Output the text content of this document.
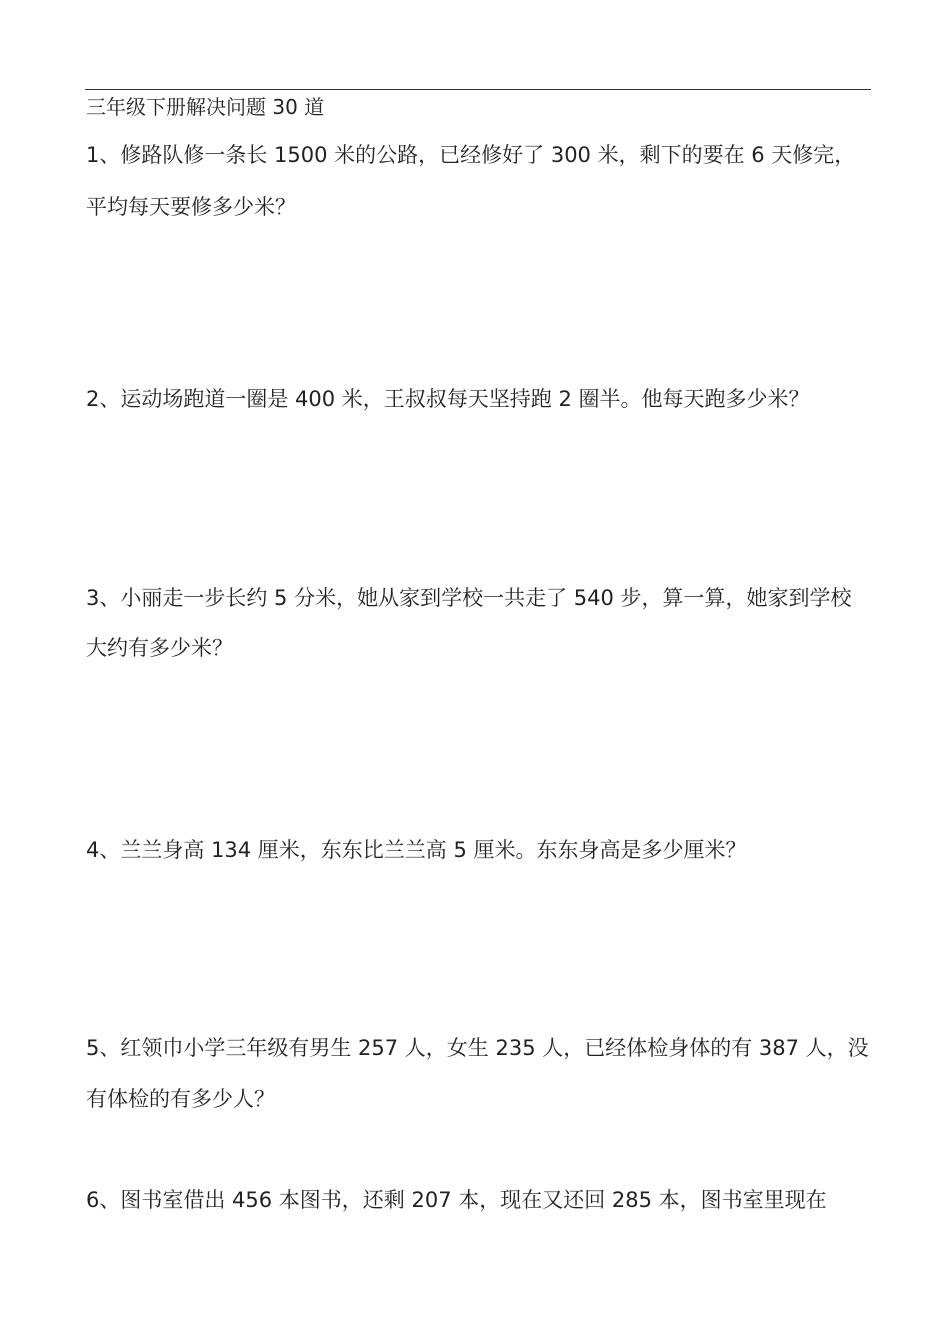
三年级下册解决问题 30 道
1、修路队修一条长 1500 米的公路，已经修好了 300 米，剩下的要在 6 天修完，
平均每天要修多少米？
2、运动场跑道一圈是 400 米，王叔叔每天坚持跑 2 圈半。他每天跑多少米？
3、小丽走一步长约 5 分米，她从家到学校一共走了 540 步，算一算，她家到学校
大约有多少米？
4、兰兰身高 134 厘米，东东比兰兰高 5 厘米。东东身高是多少厘米？
5、红领巾小学三年级有男生 257 人，女生 235 人，已经体检身体的有 387 人，没
有体检的有多少人？
6、图书室借出 456 本图书，还剩 207 本，现在又还回 285 本，图书室里现在
